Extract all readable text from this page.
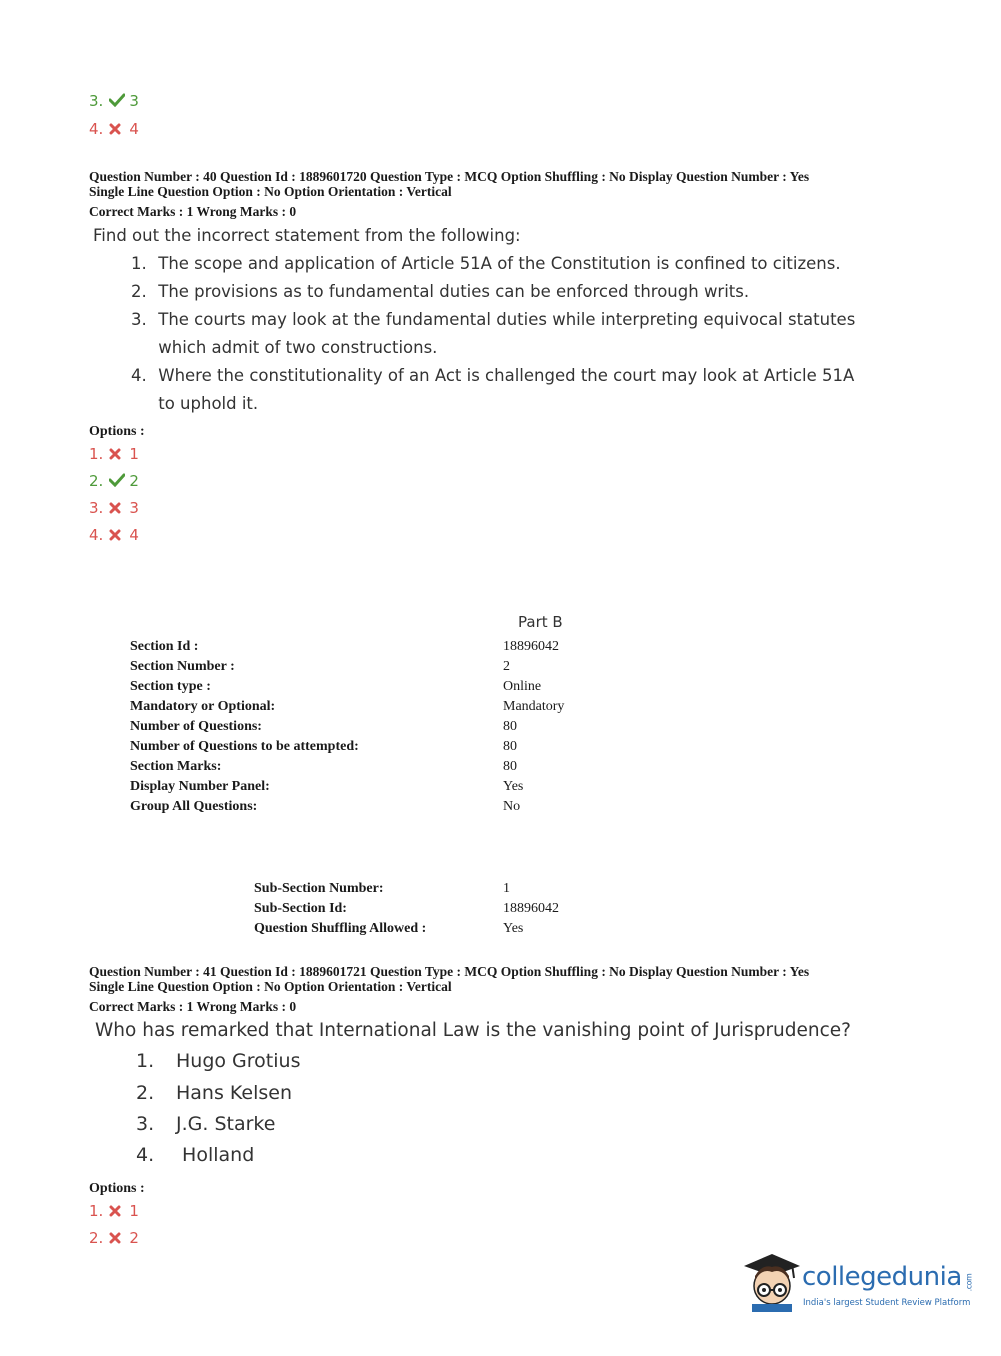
3. 3
4. 4
Question Number : 40 Question Id : 1889601720 Question Type : MCQ Option Shuffling : No Display Question Number : Yes
Single Line Question Option : No Option Orientation : Vertical
Correct Marks : 1 Wrong Marks : 0
Find out the incorrect statement from the following:
1. The scope and application of Article 51A of the Constitution is confined to citizens.
2. The provisions as to fundamental duties can be enforced through writs.
3. The courts may look at the fundamental duties while interpreting equivocal statutes
which admit of two constructions.
4. Where the constitutionality of an Act is challenged the court may look at Article 51A
to uphold it.
Options :
1. 1
2. 2
3. 3
4. 4
Part B
Section Id :	18896042
Section Number :	2
Section type :	Online
Mandatory or Optional:	Mandatory
Number of Questions:	80
Number of Questions to be attempted:	80
Section Marks:	80
Display Number Panel:	Yes
Group All Questions:	No
Sub-Section Number:	1
Sub-Section Id:	18896042
Question Shuffling Allowed :	Yes
Question Number : 41 Question Id : 1889601721 Question Type : MCQ Option Shuffling : No Display Question Number : Yes
Single Line Question Option : No Option Orientation : Vertical
Correct Marks : 1 Wrong Marks : 0
Who has remarked that International Law is the vanishing point of Jurisprudence?
1. Hugo Grotius
2. Hans Kelsen
3. J.G. Starke
4. Holland
Options :
1. 1
2. 2
collegedunia .com
India's largest Student Review Platform
